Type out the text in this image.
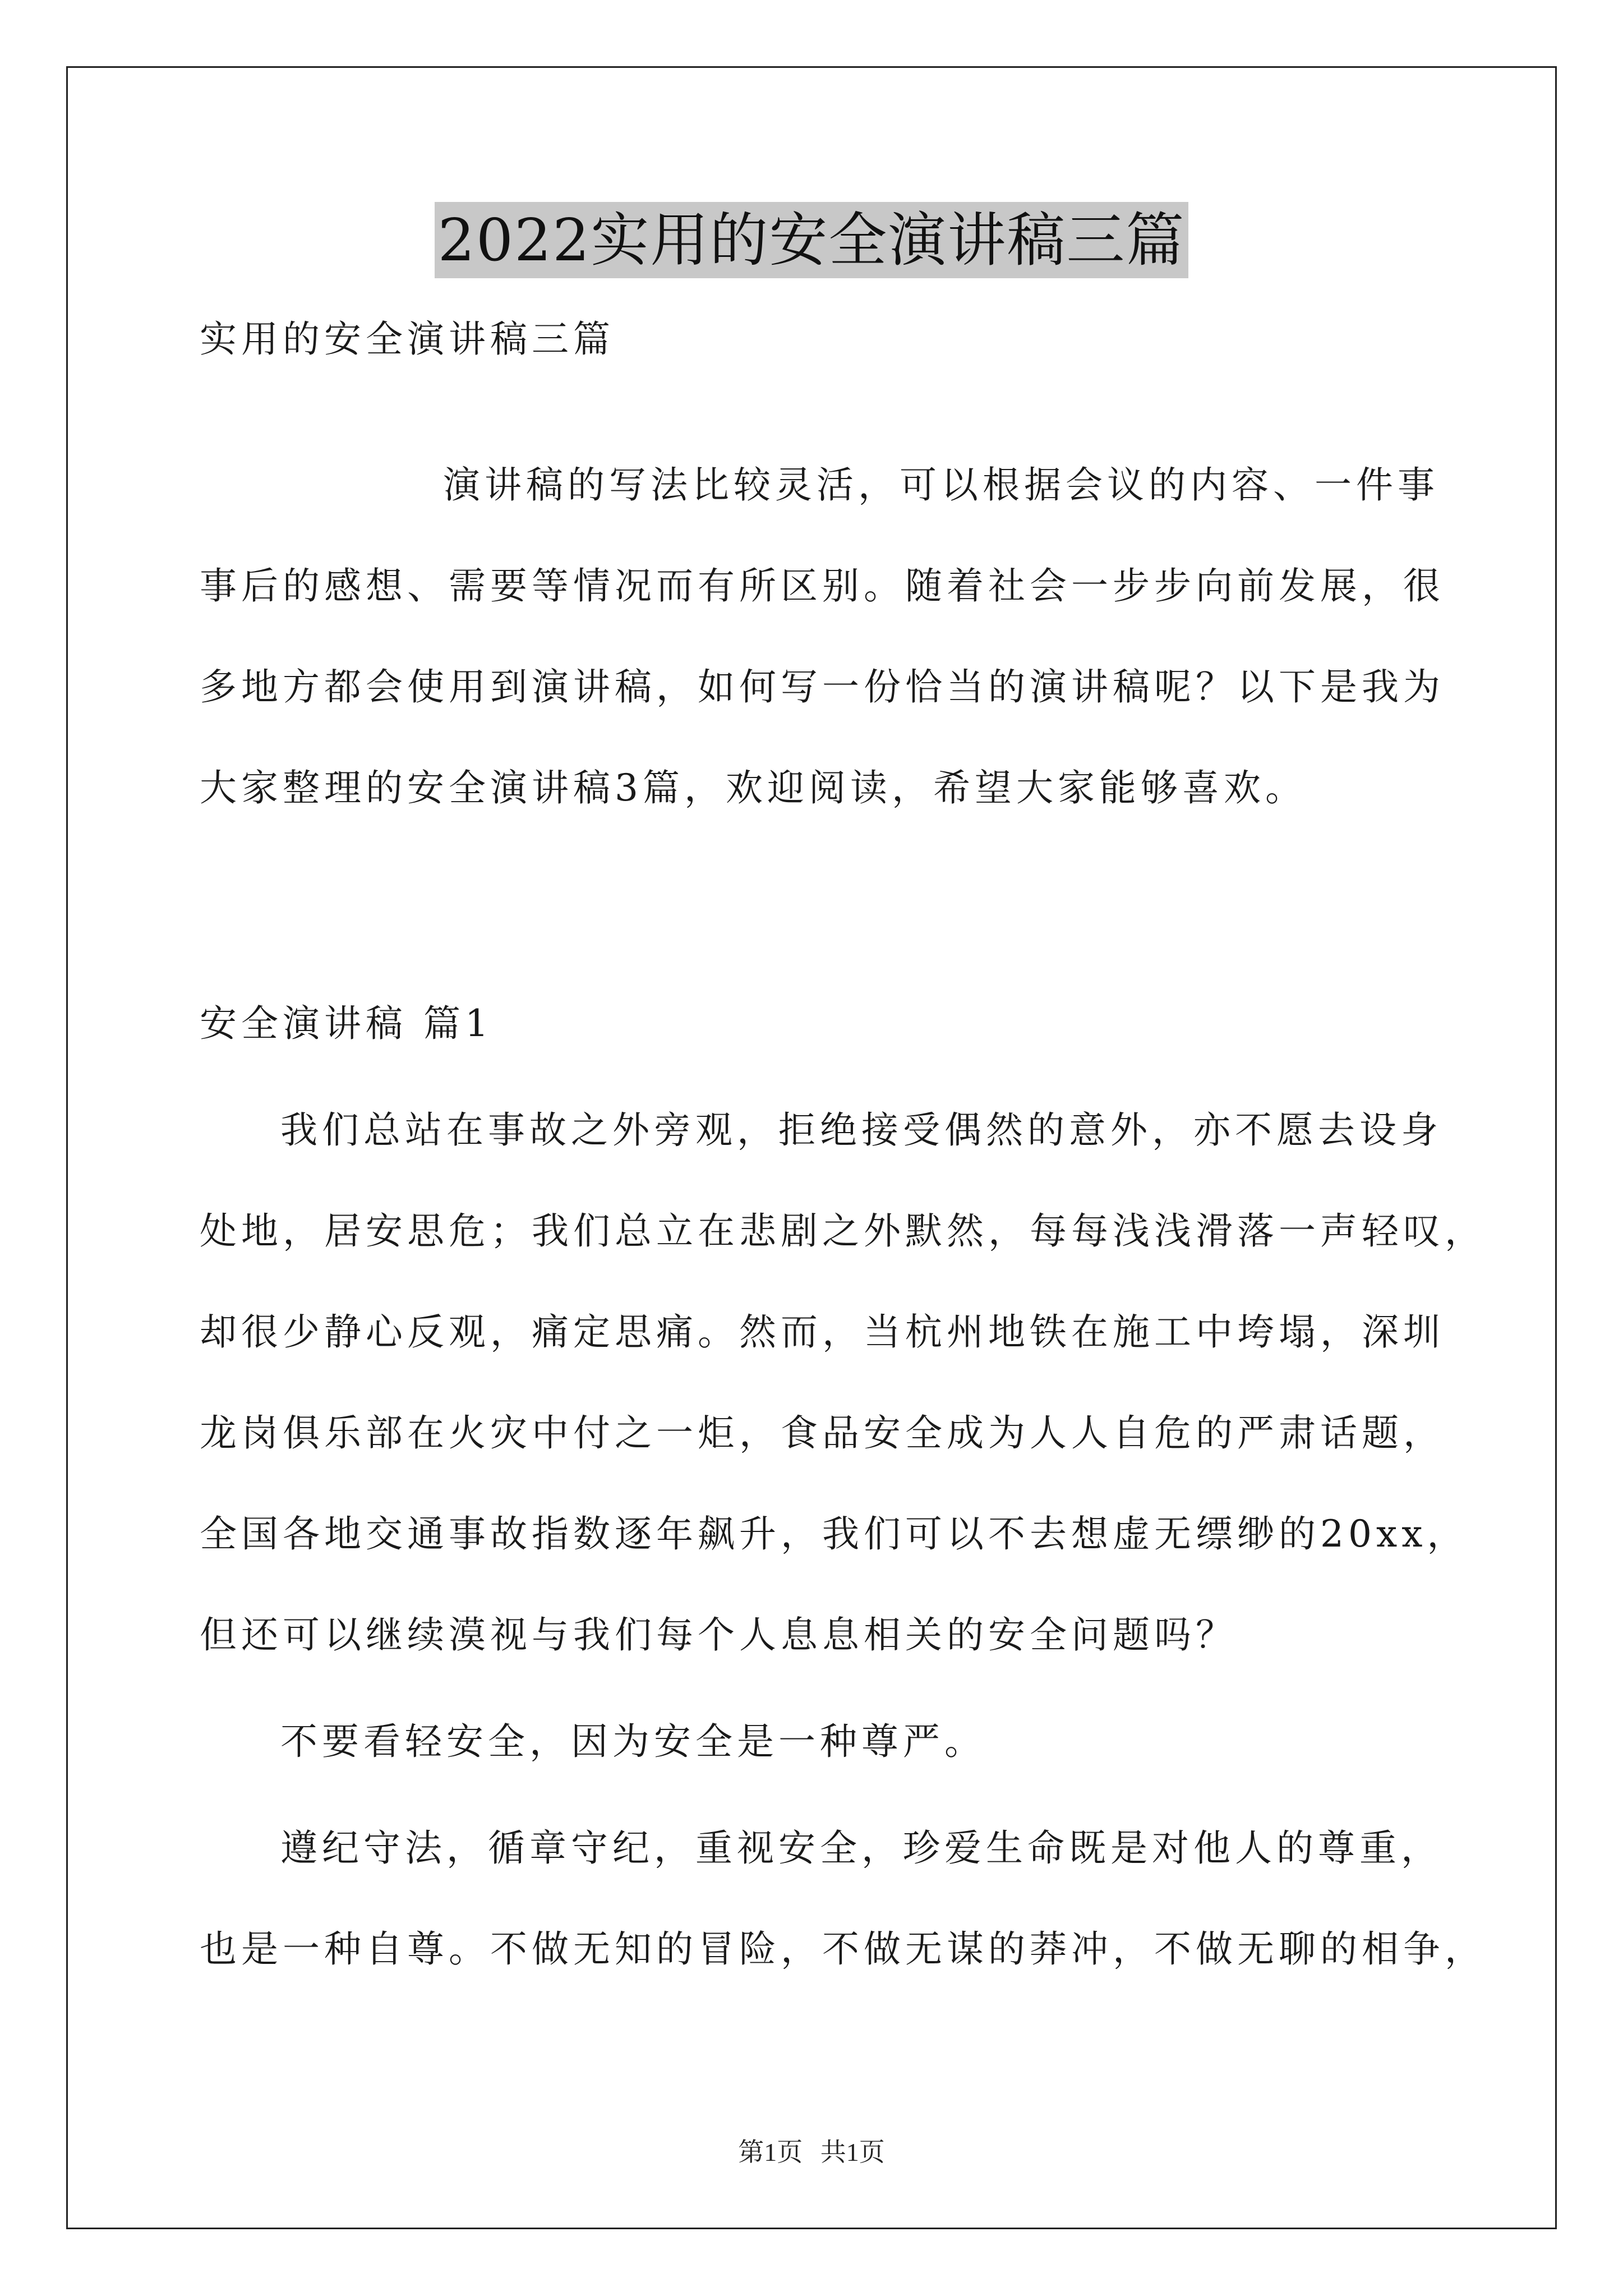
2022实用的安全演讲稿三篇
实用的安全演讲稿三篇
演讲稿的写法比较灵活，可以根据会议的内容、一件事
事后的感想、需要等情况而有所区别。随着社会一步步向前发展，很
多地方都会使用到演讲稿，如何写一份恰当的演讲稿呢？以下是我为
大家整理的安全演讲稿3篇，欢迎阅读，希望大家能够喜欢。
安全演讲稿 篇1
我们总站在事故之外旁观，拒绝接受偶然的意外，亦不愿去设身
处地，居安思危；我们总立在悲剧之外默然，每每浅浅滑落一声轻叹，
却很少静心反观，痛定思痛。然而，当杭州地铁在施工中垮塌，深圳
龙岗俱乐部在火灾中付之一炬，食品安全成为人人自危的严肃话题，
全国各地交通事故指数逐年飙升，我们可以不去想虚无缥缈的20xx，
但还可以继续漠视与我们每个人息息相关的安全问题吗？
不要看轻安全，因为安全是一种尊严。
遵纪守法，循章守纪，重视安全，珍爱生命既是对他人的尊重，
也是一种自尊。不做无知的冒险，不做无谋的莽冲，不做无聊的相争，
第1页 共1页
